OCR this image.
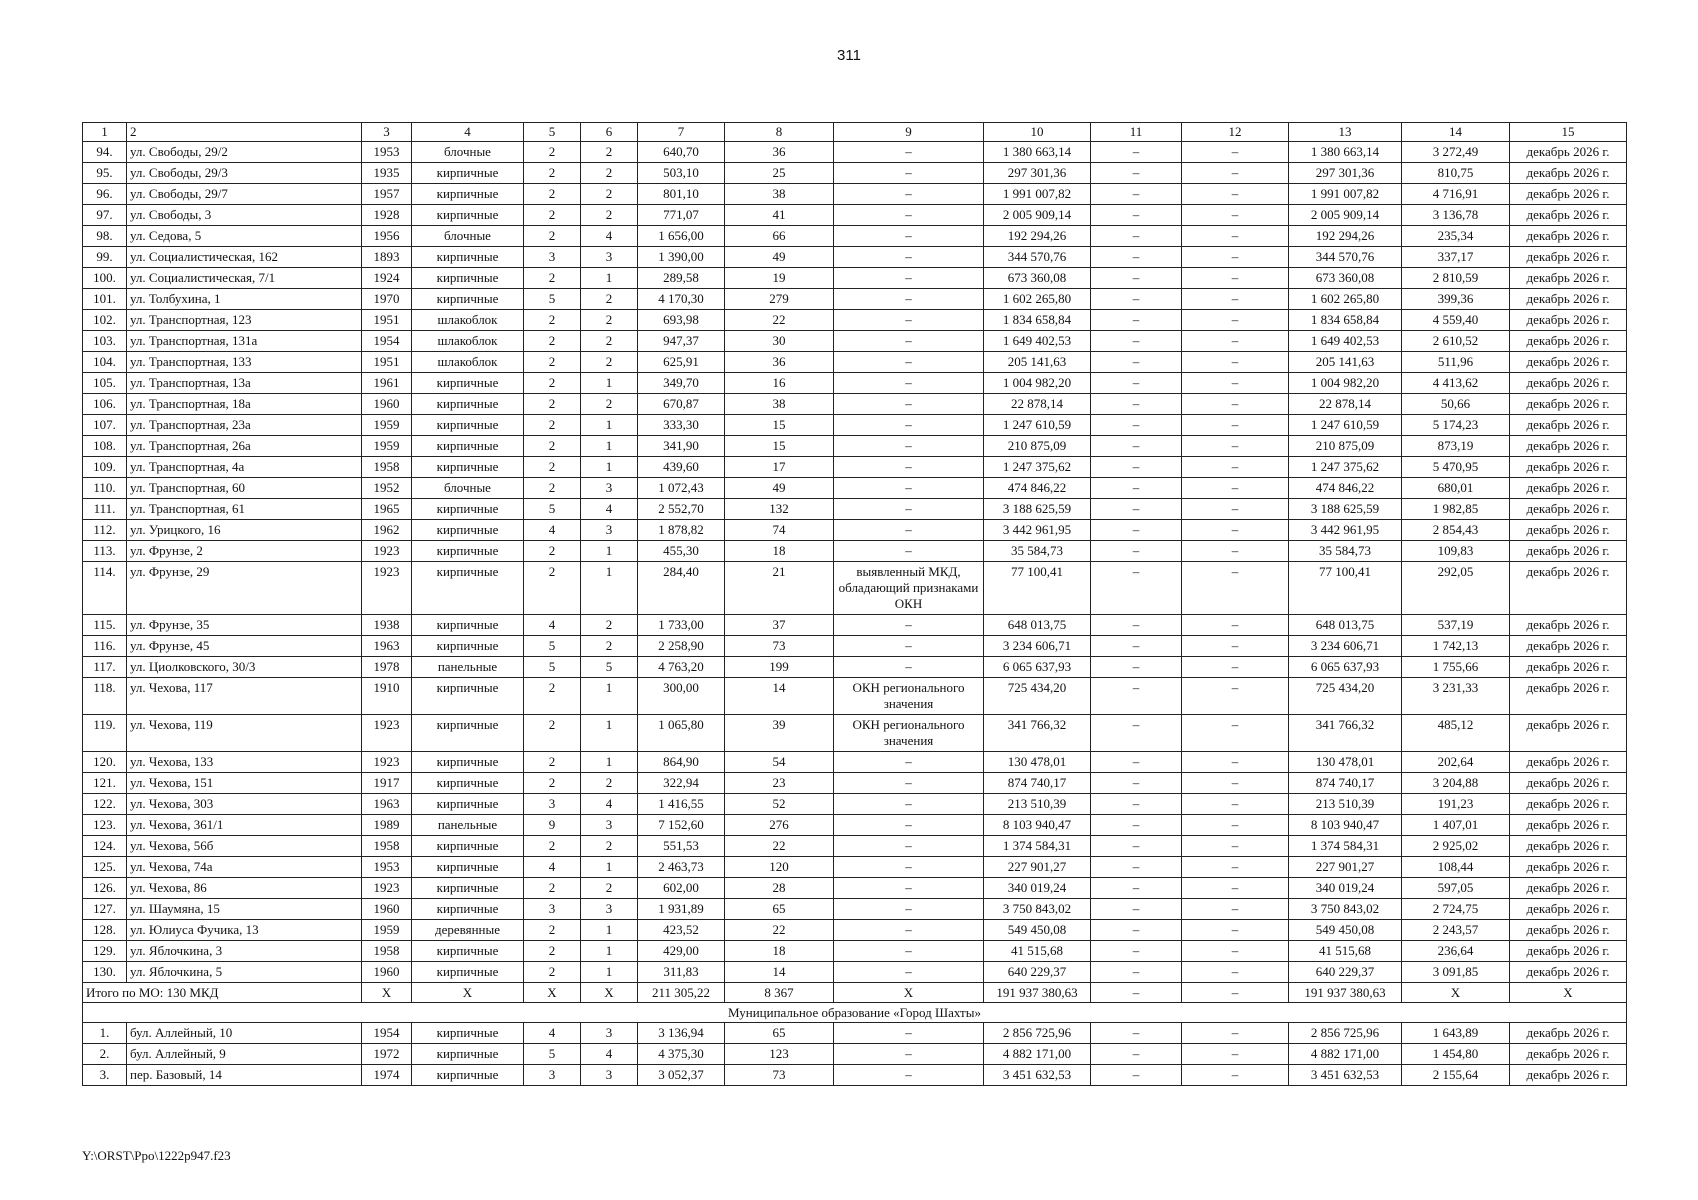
311
1	2	3	4	5	6	7	8	9	10	11	12	13	14	15
94.	ул. Свободы, 29/2	1953	блочные	2	2	640,70	36	–	1 380 663,14	–	–	1 380 663,14	3 272,49	декабрь 2026 г.
95.	ул. Свободы, 29/3	1935	кирпичные	2	2	503,10	25	–	297 301,36	–	–	297 301,36	810,75	декабрь 2026 г.
96.	ул. Свободы, 29/7	1957	кирпичные	2	2	801,10	38	–	1 991 007,82	–	–	1 991 007,82	4 716,91	декабрь 2026 г.
97.	ул. Свободы, 3	1928	кирпичные	2	2	771,07	41	–	2 005 909,14	–	–	2 005 909,14	3 136,78	декабрь 2026 г.
98.	ул. Седова, 5	1956	блочные	2	4	1 656,00	66	–	192 294,26	–	–	192 294,26	235,34	декабрь 2026 г.
99.	ул. Социалистическая, 162	1893	кирпичные	3	3	1 390,00	49	–	344 570,76	–	–	344 570,76	337,17	декабрь 2026 г.
100.	ул. Социалистическая, 7/1	1924	кирпичные	2	1	289,58	19	–	673 360,08	–	–	673 360,08	2 810,59	декабрь 2026 г.
101.	ул. Толбухина, 1	1970	кирпичные	5	2	4 170,30	279	–	1 602 265,80	–	–	1 602 265,80	399,36	декабрь 2026 г.
102.	ул. Транспортная, 123	1951	шлакоблок	2	2	693,98	22	–	1 834 658,84	–	–	1 834 658,84	4 559,40	декабрь 2026 г.
103.	ул. Транспортная, 131а	1954	шлакоблок	2	2	947,37	30	–	1 649 402,53	–	–	1 649 402,53	2 610,52	декабрь 2026 г.
104.	ул. Транспортная, 133	1951	шлакоблок	2	2	625,91	36	–	205 141,63	–	–	205 141,63	511,96	декабрь 2026 г.
105.	ул. Транспортная, 13а	1961	кирпичные	2	1	349,70	16	–	1 004 982,20	–	–	1 004 982,20	4 413,62	декабрь 2026 г.
106.	ул. Транспортная, 18а	1960	кирпичные	2	2	670,87	38	–	22 878,14	–	–	22 878,14	50,66	декабрь 2026 г.
107.	ул. Транспортная, 23а	1959	кирпичные	2	1	333,30	15	–	1 247 610,59	–	–	1 247 610,59	5 174,23	декабрь 2026 г.
108.	ул. Транспортная, 26а	1959	кирпичные	2	1	341,90	15	–	210 875,09	–	–	210 875,09	873,19	декабрь 2026 г.
109.	ул. Транспортная, 4а	1958	кирпичные	2	1	439,60	17	–	1 247 375,62	–	–	1 247 375,62	5 470,95	декабрь 2026 г.
110.	ул. Транспортная, 60	1952	блочные	2	3	1 072,43	49	–	474 846,22	–	–	474 846,22	680,01	декабрь 2026 г.
111.	ул. Транспортная, 61	1965	кирпичные	5	4	2 552,70	132	–	3 188 625,59	–	–	3 188 625,59	1 982,85	декабрь 2026 г.
112.	ул. Урицкого, 16	1962	кирпичные	4	3	1 878,82	74	–	3 442 961,95	–	–	3 442 961,95	2 854,43	декабрь 2026 г.
113.	ул. Фрунзе, 2	1923	кирпичные	2	1	455,30	18	–	35 584,73	–	–	35 584,73	109,83	декабрь 2026 г.
114.	ул. Фрунзе, 29	1923	кирпичные	2	1	284,40	21	выявленный МКД, обладающий признаками ОКН	77 100,41	–	–	77 100,41	292,05	декабрь 2026 г.
115.	ул. Фрунзе, 35	1938	кирпичные	4	2	1 733,00	37	–	648 013,75	–	–	648 013,75	537,19	декабрь 2026 г.
116.	ул. Фрунзе, 45	1963	кирпичные	5	2	2 258,90	73	–	3 234 606,71	–	–	3 234 606,71	1 742,13	декабрь 2026 г.
117.	ул. Циолковского, 30/3	1978	панельные	5	5	4 763,20	199	–	6 065 637,93	–	–	6 065 637,93	1 755,66	декабрь 2026 г.
118.	ул. Чехова, 117	1910	кирпичные	2	1	300,00	14	ОКН регионального значения	725 434,20	–	–	725 434,20	3 231,33	декабрь 2026 г.
119.	ул. Чехова, 119	1923	кирпичные	2	1	1 065,80	39	ОКН регионального значения	341 766,32	–	–	341 766,32	485,12	декабрь 2026 г.
120.	ул. Чехова, 133	1923	кирпичные	2	1	864,90	54	–	130 478,01	–	–	130 478,01	202,64	декабрь 2026 г.
121.	ул. Чехова, 151	1917	кирпичные	2	2	322,94	23	–	874 740,17	–	–	874 740,17	3 204,88	декабрь 2026 г.
122.	ул. Чехова, 303	1963	кирпичные	3	4	1 416,55	52	–	213 510,39	–	–	213 510,39	191,23	декабрь 2026 г.
123.	ул. Чехова, 361/1	1989	панельные	9	3	7 152,60	276	–	8 103 940,47	–	–	8 103 940,47	1 407,01	декабрь 2026 г.
124.	ул. Чехова, 56б	1958	кирпичные	2	2	551,53	22	–	1 374 584,31	–	–	1 374 584,31	2 925,02	декабрь 2026 г.
125.	ул. Чехова, 74а	1953	кирпичные	4	1	2 463,73	120	–	227 901,27	–	–	227 901,27	108,44	декабрь 2026 г.
126.	ул. Чехова, 86	1923	кирпичные	2	2	602,00	28	–	340 019,24	–	–	340 019,24	597,05	декабрь 2026 г.
127.	ул. Шаумяна, 15	1960	кирпичные	3	3	1 931,89	65	–	3 750 843,02	–	–	3 750 843,02	2 724,75	декабрь 2026 г.
128.	ул. Юлиуса Фучика, 13	1959	деревянные	2	1	423,52	22	–	549 450,08	–	–	549 450,08	2 243,57	декабрь 2026 г.
129.	ул. Яблочкина, 3	1958	кирпичные	2	1	429,00	18	–	41 515,68	–	–	41 515,68	236,64	декабрь 2026 г.
130.	ул. Яблочкина, 5	1960	кирпичные	2	1	311,83	14	–	640 229,37	–	–	640 229,37	3 091,85	декабрь 2026 г.
Итого по МО: 130 МКД		X	X	X	X	211 305,22	8 367	X	191 937 380,63	–	–	191 937 380,63	X	X
Муниципальное образование «Город Шахты»														
1.	бул. Аллейный, 10	1954	кирпичные	4	3	3 136,94	65	–	2 856 725,96	–	–	2 856 725,96	1 643,89	декабрь 2026 г.
2.	бул. Аллейный, 9	1972	кирпичные	5	4	4 375,30	123	–	4 882 171,00	–	–	4 882 171,00	1 454,80	декабрь 2026 г.
3.	пер. Базовый, 14	1974	кирпичные	3	3	3 052,37	73	–	3 451 632,53	–	–	3 451 632,53	2 155,64	декабрь 2026 г.
Y:\ORST\Ppo\1222p947.f23
